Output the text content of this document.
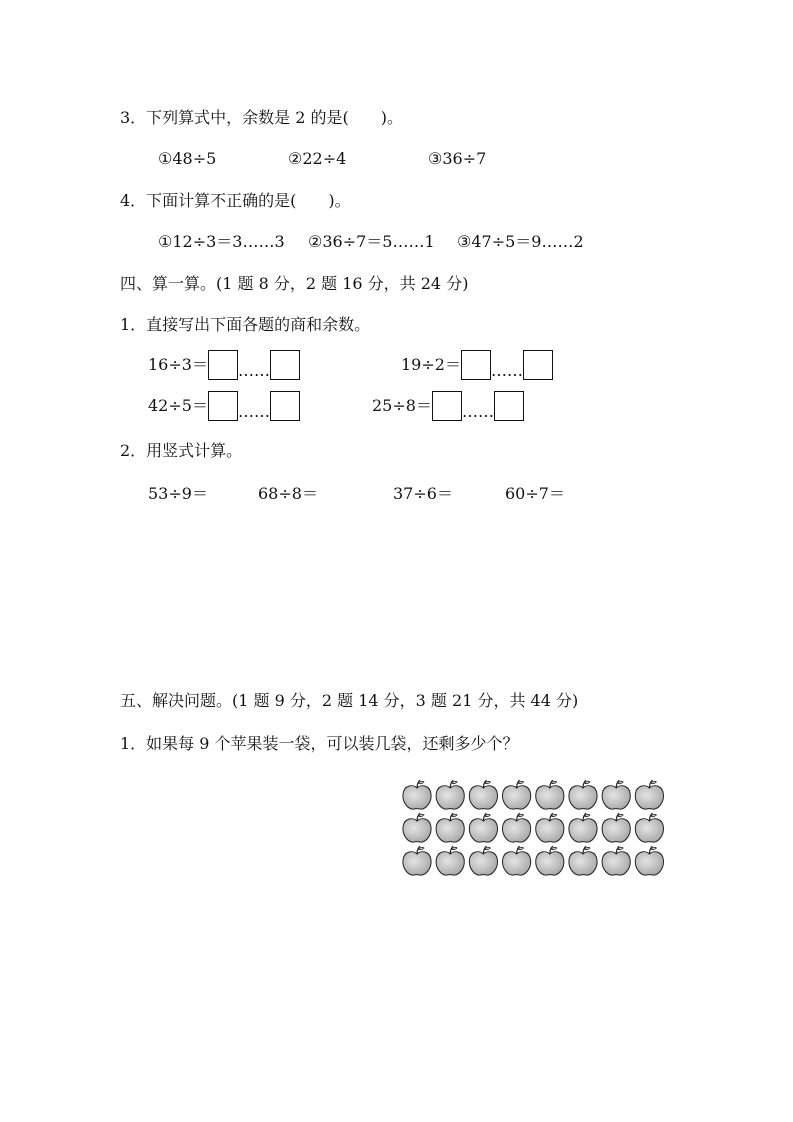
3．下列算式中，余数是 2 的是(　　)。
①48÷5	②22÷4	③36÷7
4．下面计算不正确的是(　　)。
①12÷3＝3……3 ②36÷7＝5……1 ③47÷5＝9……2
四、算一算。(1 题 8 分，2 题 16 分，共 24 分)
1．直接写出下面各题的商和余数。
16÷3＝ ……	19÷2＝ ……
42÷5＝ ……	25÷8＝ ……
2．用竖式计算。
53÷9＝	68÷8＝	37÷6＝	60÷7＝
五、解决问题。(1 题 9 分，2 题 14 分，3 题 21 分，共 44 分)
1．如果每 9 个苹果装一袋，可以装几袋，还剩多少个？
